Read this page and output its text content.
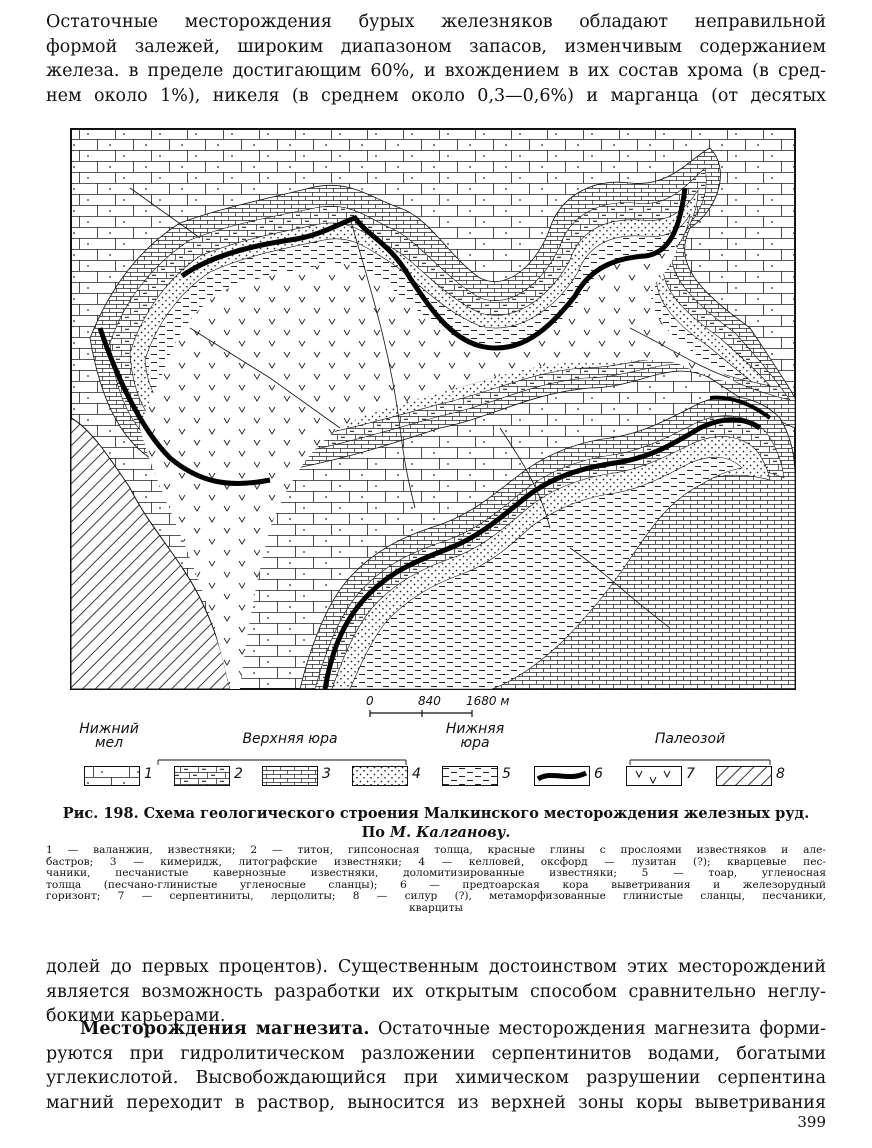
Остаточные месторождения бурых железняков обладают неправильной
формой залежей, широким диапазоном запасов, изменчивым содержанием
железа. в пределе достигающим 60%, и вхождением в их состав хрома (в сред-
нем около 1%), никеля (в среднем около 0,3—0,6%) и марганца (от десятых
0	840 1680 м
Нижний мел	Верхняя юра
Нижняя юра	Палеозой
1	2	3	4	5	6	7	8
Рис. 198. Схема геологического строения Малкинского месторождения железных руд.
По М. Калганову.
1 — валанжин, известняки; 2 — титон, гипсоносная толща, красные глины с прослоями известняков и але-
бастров; 3 — кимеридж, литографские известняки; 4 — келловей, оксфорд — лузитан (?); кварцевые пес-
чаники, песчанистые кавернозные известняки, доломитизированные известняки; 5 — тоар, угленосная
толща (песчано-глинистые угленосные сланцы); 6 — предтоарская кора выветривания и железорудный
горизонт; 7 — серпентиниты, лерцолиты; 8 — силур (?), метаморфизованные глинистые сланцы, песчаники,
кварциты
долей до первых процентов). Существенным достоинством этих месторождений
является возможность разработки их открытым способом сравнительно неглу-
бокими карьерами.
Месторождения магнезита. Остаточные месторождения магнезита форми-
руются при гидролитическом разложении серпентинитов водами, богатыми
углекислотой. Высвобождающийся при химическом разрушении серпентина
магний переходит в раствор, выносится из верхней зоны коры выветривания
399
